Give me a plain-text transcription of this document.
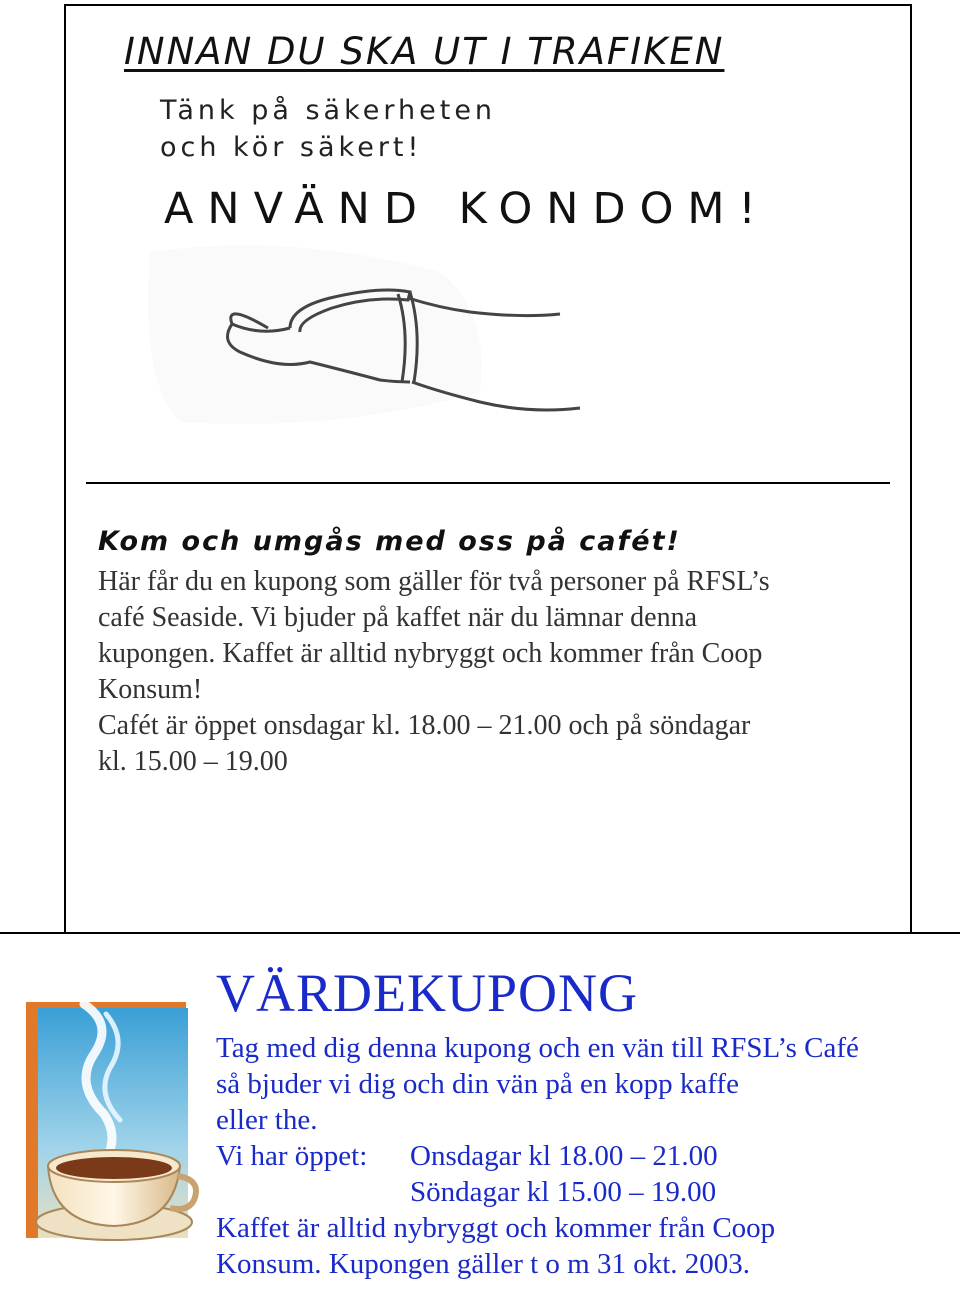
INNAN DU SKA UT I TRAFIKEN
Tänk på säkerheten
och kör säkert!
ANVÄND KONDOM!
Kom och umgås med oss på cafét!
Här får du en kupong som gäller för två personer på RFSL’s
café Seaside. Vi bjuder på kaffet när du lämnar denna
kupongen. Kaffet är alltid nybryggt och kommer från Coop
Konsum!
Cafét är öppet onsdagar kl. 18.00 – 21.00 och på söndagar
kl. 15.00 – 19.00
VÄRDEKUPONG
Tag med dig denna kupong och en vän till RFSL’s Café
så bjuder vi dig och din vän på en kopp kaffe
eller the.
Vi har öppet:	Onsdagar kl 18.00 – 21.00
Söndagar kl 15.00 – 19.00
Kaffet är alltid nybryggt och kommer från Coop
Konsum. Kupongen gäller t o m 31 okt. 2003.
